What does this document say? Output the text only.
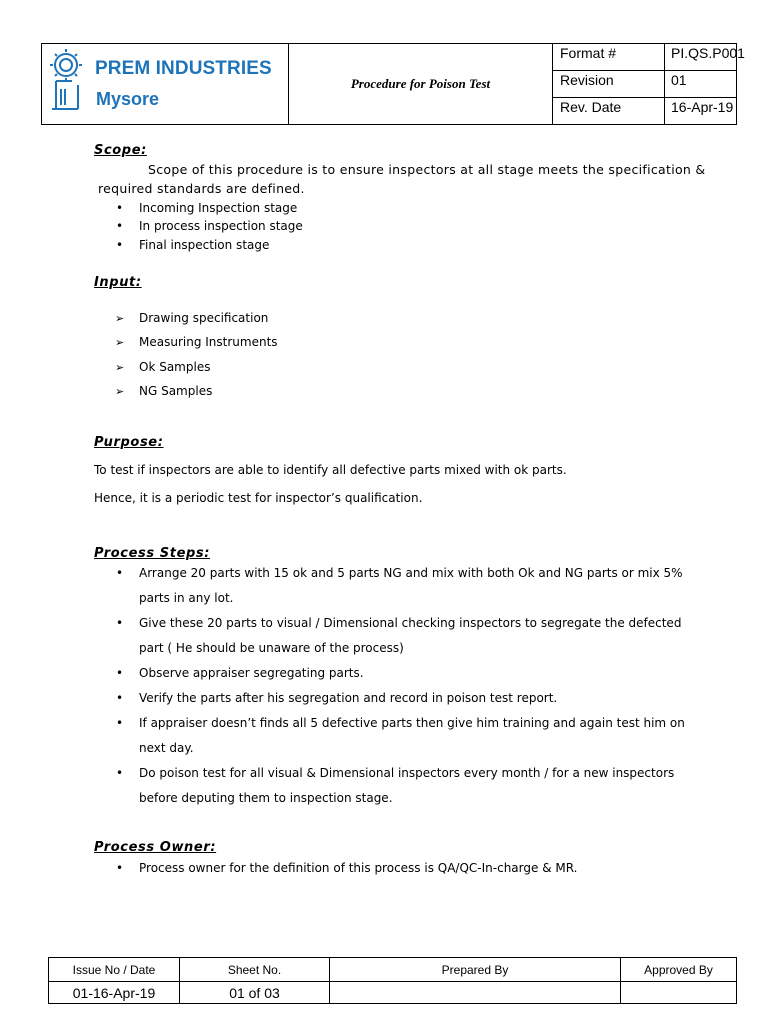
PREM INDUSTRIES
Mysore
Procedure for Poison Test
Format #	PI.QS.P001
Revision	01
Rev. Date	16-Apr-19
Scope:
Scope of this procedure is to ensure inspectors at all stage meets the specification &
required standards are defined.
• Incoming Inspection stage
• In process inspection stage
• Final inspection stage
Input:
➢ Drawing specification
➢ Measuring Instruments
➢ Ok Samples
➢ NG Samples
Purpose:
To test if inspectors are able to identify all defective parts mixed with ok parts.
Hence, it is a periodic test for inspector’s qualification.
Process Steps:
• Arrange 20 parts with 15 ok and 5 parts NG and mix with both Ok and NG parts or mix 5%
parts in any lot.
• Give these 20 parts to visual / Dimensional checking inspectors to segregate the defected
part ( He should be unaware of the process)
• Observe appraiser segregating parts.
• Verify the parts after his segregation and record in poison test report.
• If appraiser doesn’t finds all 5 defective parts then give him training and again test him on
next day.
• Do poison test for all visual & Dimensional inspectors every month / for a new inspectors
before deputing them to inspection stage.
Process Owner:
• Process owner for the definition of this process is QA/QC-In-charge & MR.
Issue No / Date	Sheet No.	Prepared By	Approved By
01-16-Apr-19	01 of 03
